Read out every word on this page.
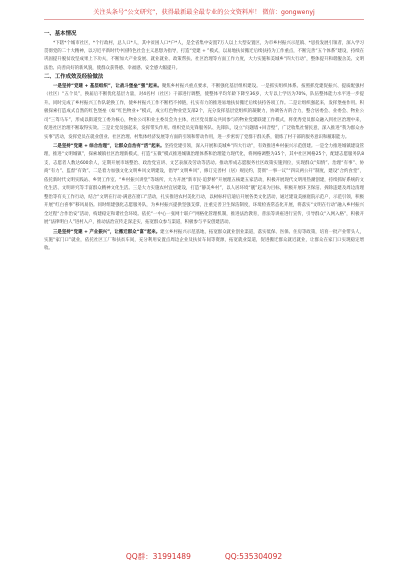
关注头条号“公文研究”，获得最新最全最专业的公文资料库！ 微信：gongwenyj
一、基本情况

*下辖*个城市社区，*个行政村，总人口*人，其中贫困人口*户*人，是全省集中安置7万人以上大型安置区，为市乡村振兴示范镇、*思投发展引领者，深入学习贯彻党的二十大精神，以习近平新时代中国特色社会主义思想为指导，打造“党建 + ”模式，以易地扶贫搬迁后续扶持为工作重点，不断完善“五个体系”建设，持续在巩固提升脱贫攻坚成果上下功夫，不断加大产业发展、就业就业、政策帮扶、社区治理等方面工作力度，大力实施和美城乡“四大行动”，整体提升和谐靓舍美、文明法治、向善向好的新风貌，使群众获得感、幸福感、安全感大幅提升。

二、工作成效及经验做法

一是坚持“党建 + 基层组织”，让战斗堡垒“强”起来。聚焦乡村振兴重点要求，不断强化基层组织建设。一是抓实组织体系。按照抓党建促振兴、提质配强村（社区）“五个员”，换届后不断优化基层力量，对4名村（社区）干部进行调整，使整体平均年龄下降至36岁，大专以上学历为70%，队伍整体能力水平进一步提升。同时完成了乡村振兴工作队轮换工作，使乡村振兴工作不断档不掉链，扎实有力的推进易地扶贫搬迁后续扶持各项工作。二是让组织强起来，发挥堡垒作用。积极探索打造成式自然的红色堡垒（如“红色物业+”模式，成立红色物业党支部2个，充分发挥基层党组织的凝聚力，协调各方的合力，整合居委会、业委会、物业公司“三驾马车”，形成以街道党工委为核心，物业公司和业主委员会为主体，社区党员群众共同参与的物业党建联建工作模式，将优秀党员群众融入到社区治理中来，促进社区治理不断取得实效。三是让党员强起来，发挥带头作用。组织党员先锋服务队、先锋队，设立“问题墙+回音壁”，广泛收集社情民意，深入推进“我为群众办实事”活动，发挥党员在就业创业、社区治理、村集体经济发展等方面的引领和带动作用，进一步密切了党群干群关系，锻炼了村干部的服务意识和履职能力。

二是坚持“党建 + 综合治理”，让群众自治有“活”起来。坚持党建引领，深入开展和美城乡“四大行动”，有效推进乡村振兴示范创建。一是全力推进城镇建设管理，推进“文明城镇”，探索城镇社区治理新模式，打造“五微”模式推进城镇治理体系和治理能力现代化，将网格调整为35个，其中社区网格25个，配建志愿服务队8支，志愿者人数达600余人，定期开展市场整治、政治党宣讲、文艺表演及劳动等活动。推动形成志愿服务社区政策实施到位，实现群众“知情”、治理“有事”、协商“有力”、监督“有效”。二是着力加强文化文明乡风文明建设，倡导“文明乡风”，修订完善村（居）规民约，贯彻“一事一议”“四议两公开”制度，建设“合约食堂”，依托新时代文明实践站、乡贤工作室、“乡村振兴讲堂”等场所，大力开展“新市民·追梦桥”开展理五核建五家活动，积极开展现代文明用热潮创建，持续抓好系统的文化生活、文明讲究等丰富群众精神文化生活。三是大力实施农村宜居建设，打造“静美乡村”，以人居环境“靓”起来为目标，积极开展环卫保洁、拆除违建及周边清理整治等有关工作行动，结合“文明在行动·满意在窗口”活动，扎实推进农村美化行动，以树标杆启迪后开展各类文化活动，通过建设美丽庭院示范户，示范引领，积极开展“红白喜事”移风易俗。同时组建强化志愿服务队，为乡村振兴提供坚强支撑，注重完善卫生保洁制度，环境检查常态化开展，将落实“文明在行动”融入乡村振兴全过程“合作治安”活动，构建稳定和谐社会环境。依托“一中心一张网十联户”网格化管理机制，推进法治教育，普法等讲座进行宣传，引导群众“入网入格”，积极开展“法律明白人”进村入户，推动法治宣传走深走实，拓宽群众参与渠道，积极参与平安创建活动。

三是坚持“党建 + 产业振兴”，让搬迁群众“富”起来。建立乡村振兴示范基地，拓宽群众就业创业渠道，落实低保、医保、住房等政策，培育一批产业带头人，实施“家门口”就业，依托社区工厂和扶贫车间，充分利用安置点周边企业及扶贫车间等资源，拓宽就业渠道，促进搬迁群众就近就业，让群众在家门口实现稳定增收。

QQ群：31991489	QQ:535304092
